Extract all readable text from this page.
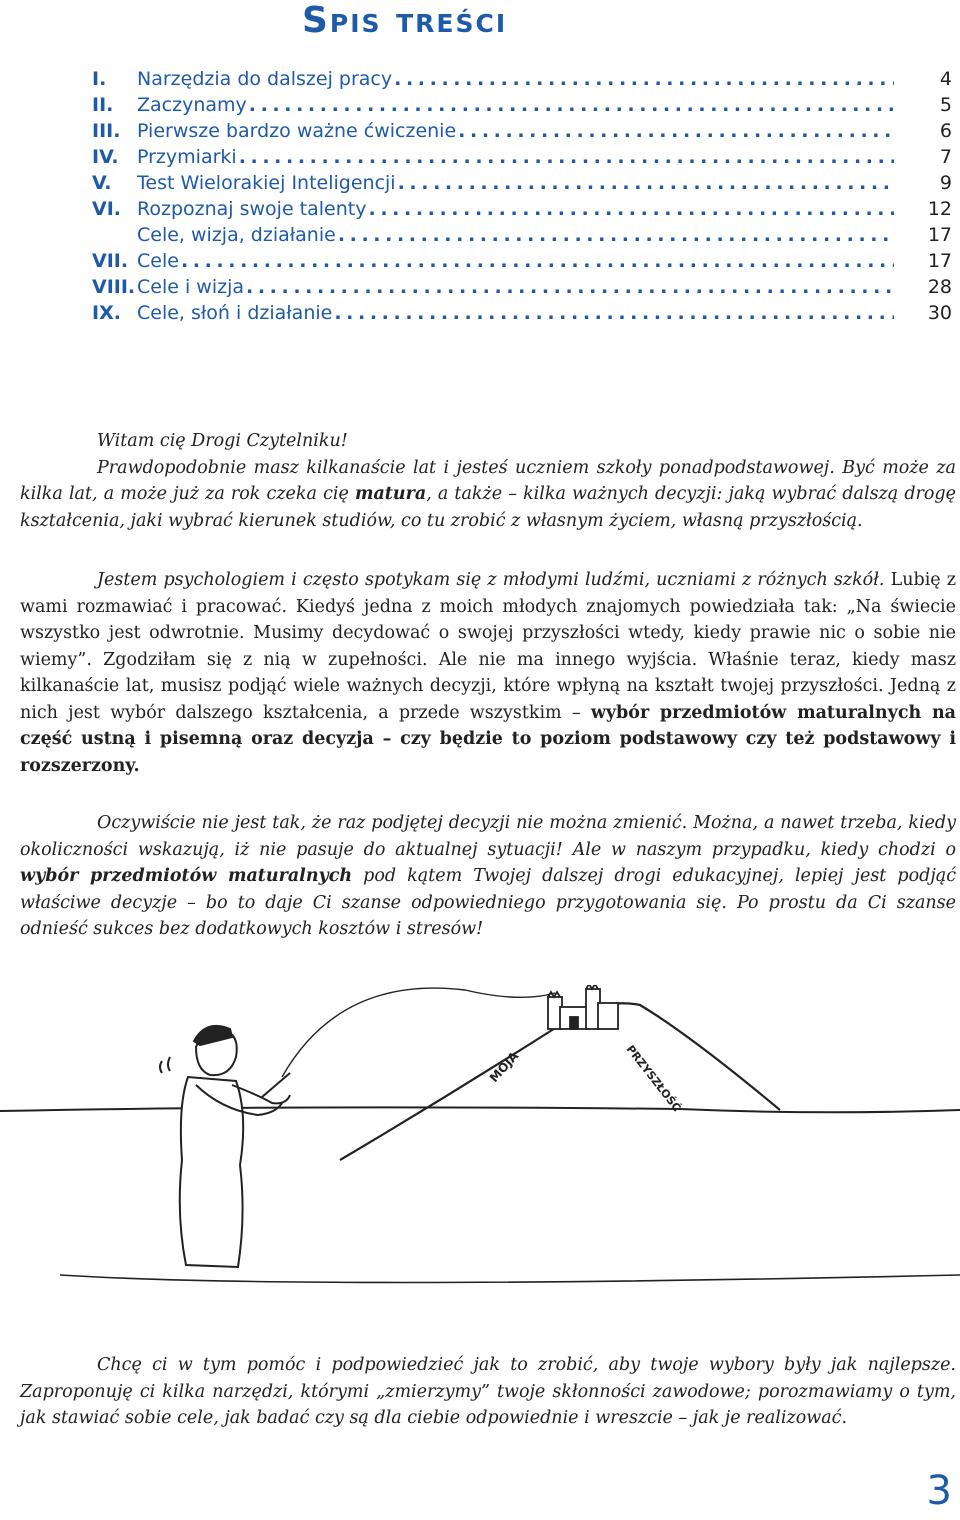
Spis treści
I.	Narzędzia do dalszej pracy . . .	4
II.	Zaczynamy . . .	5
III. Pierwsze bardzo ważne ćwiczenie . . .	6
IV. Przymiarki . . .	7
V.	Test Wielorakiej Inteligencji . . .	9
VI. Rozpoznaj swoje talenty . . .	12
Cele, wizja, działanie . . .	17
VII. Cele . . .	17
VIII. Cele i wizja . . .	28
IX. Cele, słoń i działanie . . .	30

Witam cię Drogi Czytelniku!

Prawdopodobnie masz kilkanaście lat i jesteś uczniem szkoły ponadpodstawowej. Być może za kilka lat, a może już za rok czeka cię matura, a także – kilka ważnych decyzji: jaką wybrać dalszą drogę kształcenia, jaki wybrać kierunek studiów, co tu zrobić z własnym życiem, własną przyszłością.

Jestem psychologiem i często spotykam się z młodymi ludźmi, uczniami z różnych szkół. Lubię z wami rozmawiać i pracować. Kiedyś jedna z moich młodych znajomych powiedziała tak: „Na świecie wszystko jest odwrotnie. Musimy decydować o swojej przyszłości wtedy, kiedy prawie nic o sobie nie wiemy”. Zgodziłam się z nią w zupełności. Ale nie ma innego wyjścia. Właśnie teraz, kiedy masz kilkanaście lat, musisz podjąć wiele ważnych decyzji, które wpłyną na kształt twojej przyszłości. Jedną z nich jest wybór dalszego kształcenia, a przede wszystkim – wybór przedmiotów maturalnych na część ustną i pisemną oraz decyzja – czy będzie to poziom podstawowy czy też podstawowy i rozszerzony.

Oczywiście nie jest tak, że raz podjętej decyzji nie można zmienić. Można, a nawet trzeba, kiedy okoliczności wskazują, iż nie pasuje do aktualnej sytuacji! Ale w naszym przypadku, kiedy chodzi o wybór przedmiotów maturalnych pod kątem Twojej dalszej drogi edukacyjnej, lepiej jest podjąć właściwe decyzje – bo to daje Ci szanse odpowiedniego przygotowania się. Po prostu da Ci szanse odnieść sukces bez dodatkowych kosztów i stresów!

MOJA	PRZYSZŁOŚĆ

Chcę ci w tym pomóc i podpowiedzieć jak to zrobić, aby twoje wybory były jak najlepsze. Zaproponuję ci kilka narzędzi, którymi „zmierzymy” twoje skłonności zawodowe; porozmawiamy o tym, jak stawiać sobie cele, jak badać czy są dla ciebie odpowiednie i wreszcie – jak je realizować.

3
